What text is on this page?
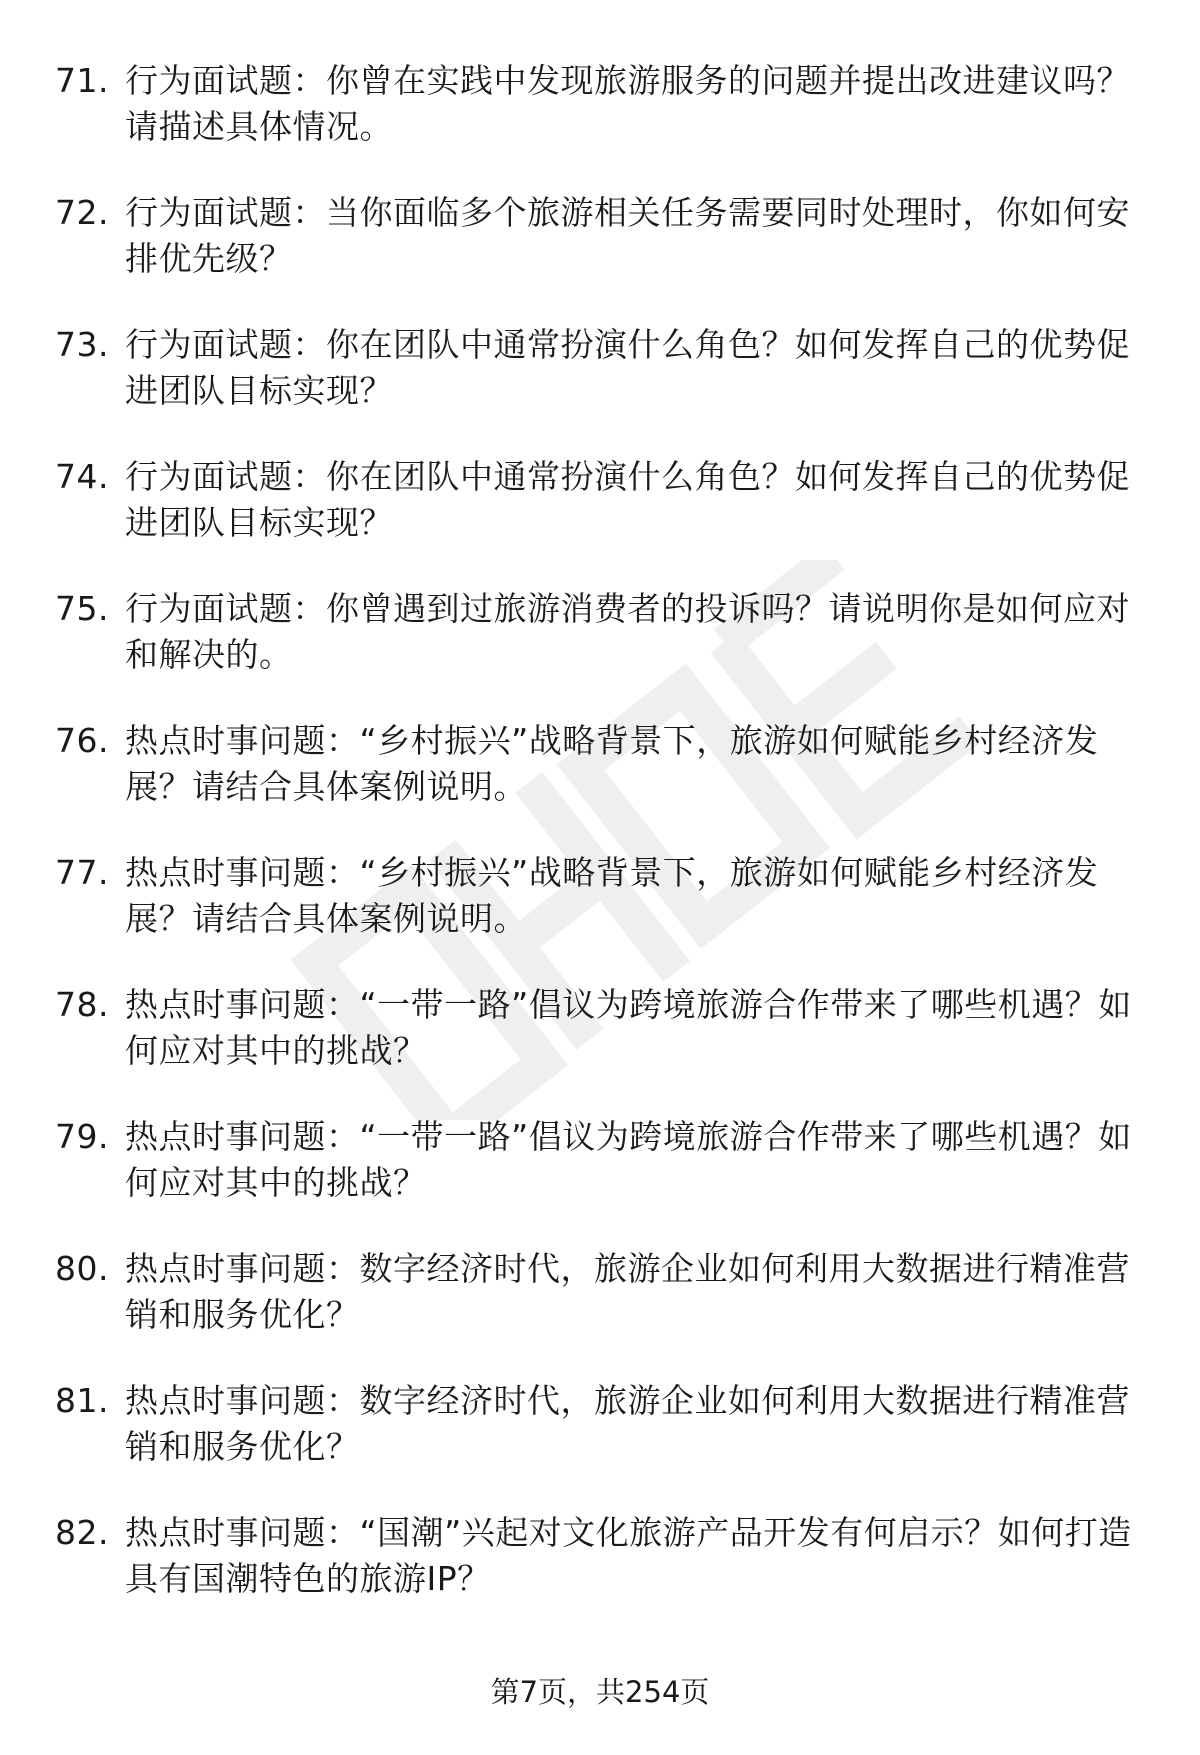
71. 行为面试题：你曾在实践中发现旅游服务的问题并提出改进建议吗？请描述具体情况。
72. 行为面试题：当你面临多个旅游相关任务需要同时处理时，你如何安排优先级？
73. 行为面试题：你在团队中通常扮演什么角色？如何发挥自己的优势促进团队目标实现？
74. 行为面试题：你在团队中通常扮演什么角色？如何发挥自己的优势促进团队目标实现？
75. 行为面试题：你曾遇到过旅游消费者的投诉吗？请说明你是如何应对和解决的。
76. 热点时事问题：“乡村振兴”战略背景下，旅游如何赋能乡村经济发展？请结合具体案例说明。
77. 热点时事问题：“乡村振兴”战略背景下，旅游如何赋能乡村经济发展？请结合具体案例说明。
78. 热点时事问题：“一带一路”倡议为跨境旅游合作带来了哪些机遇？如何应对其中的挑战？
79. 热点时事问题：“一带一路”倡议为跨境旅游合作带来了哪些机遇？如何应对其中的挑战？
80. 热点时事问题：数字经济时代，旅游企业如何利用大数据进行精准营销和服务优化？
81. 热点时事问题：数字经济时代，旅游企业如何利用大数据进行精准营销和服务优化？
82. 热点时事问题：“国潮”兴起对文化旅游产品开发有何启示？如何打造具有国潮特色的旅游IP？
第7页，共254页
